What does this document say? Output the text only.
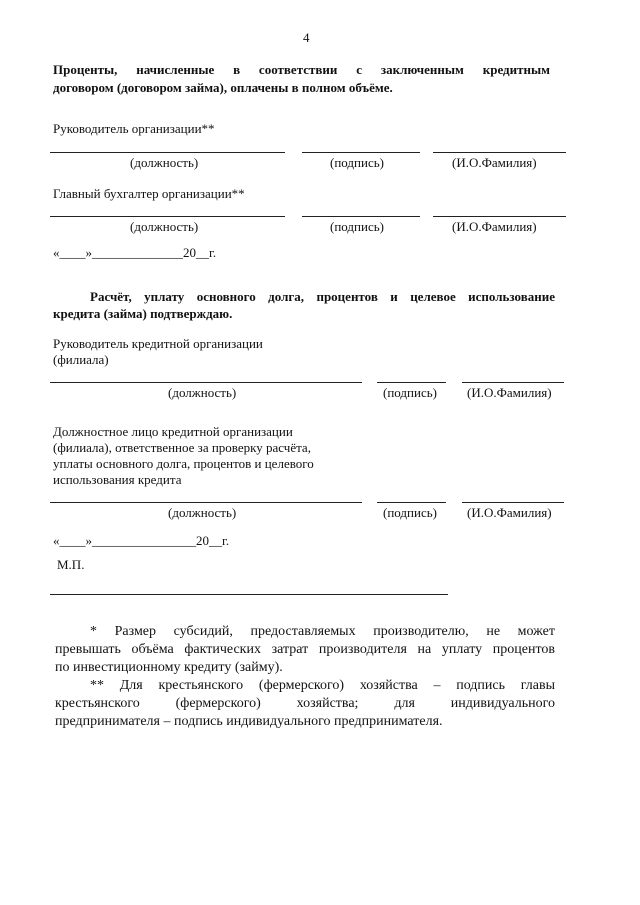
4
Проценты, начисленные в соответствии с заключенным кредитным
договором (договором займа), оплачены в полном объёме.
Руководитель организации**
(должность)	(подпись)	(И.О.Фамилия)
Главный бухгалтер организации**
(должность)	(подпись)	(И.О.Фамилия)
«____»______________20__г.
Расчёт, уплату основного долга, процентов и целевое использование
кредита (займа) подтверждаю.
Руководитель кредитной организации
(филиала)
(должность)	(подпись) (И.О.Фамилия)
Должностное лицо кредитной организации
(филиала), ответственное за проверку расчёта,
уплаты основного долга, процентов и целевого
использования кредита
(должность)	(подпись) (И.О.Фамилия)
«____»________________20__г.
М.П.
* Размер субсидий, предоставляемых производителю, не может
превышать объёма фактических затрат производителя на уплату процентов
по инвестиционному кредиту (займу).
** Для крестьянского (фермерского) хозяйства – подпись главы
крестьянского (фермерского) хозяйства; для индивидуального
предпринимателя – подпись индивидуального предпринимателя.
